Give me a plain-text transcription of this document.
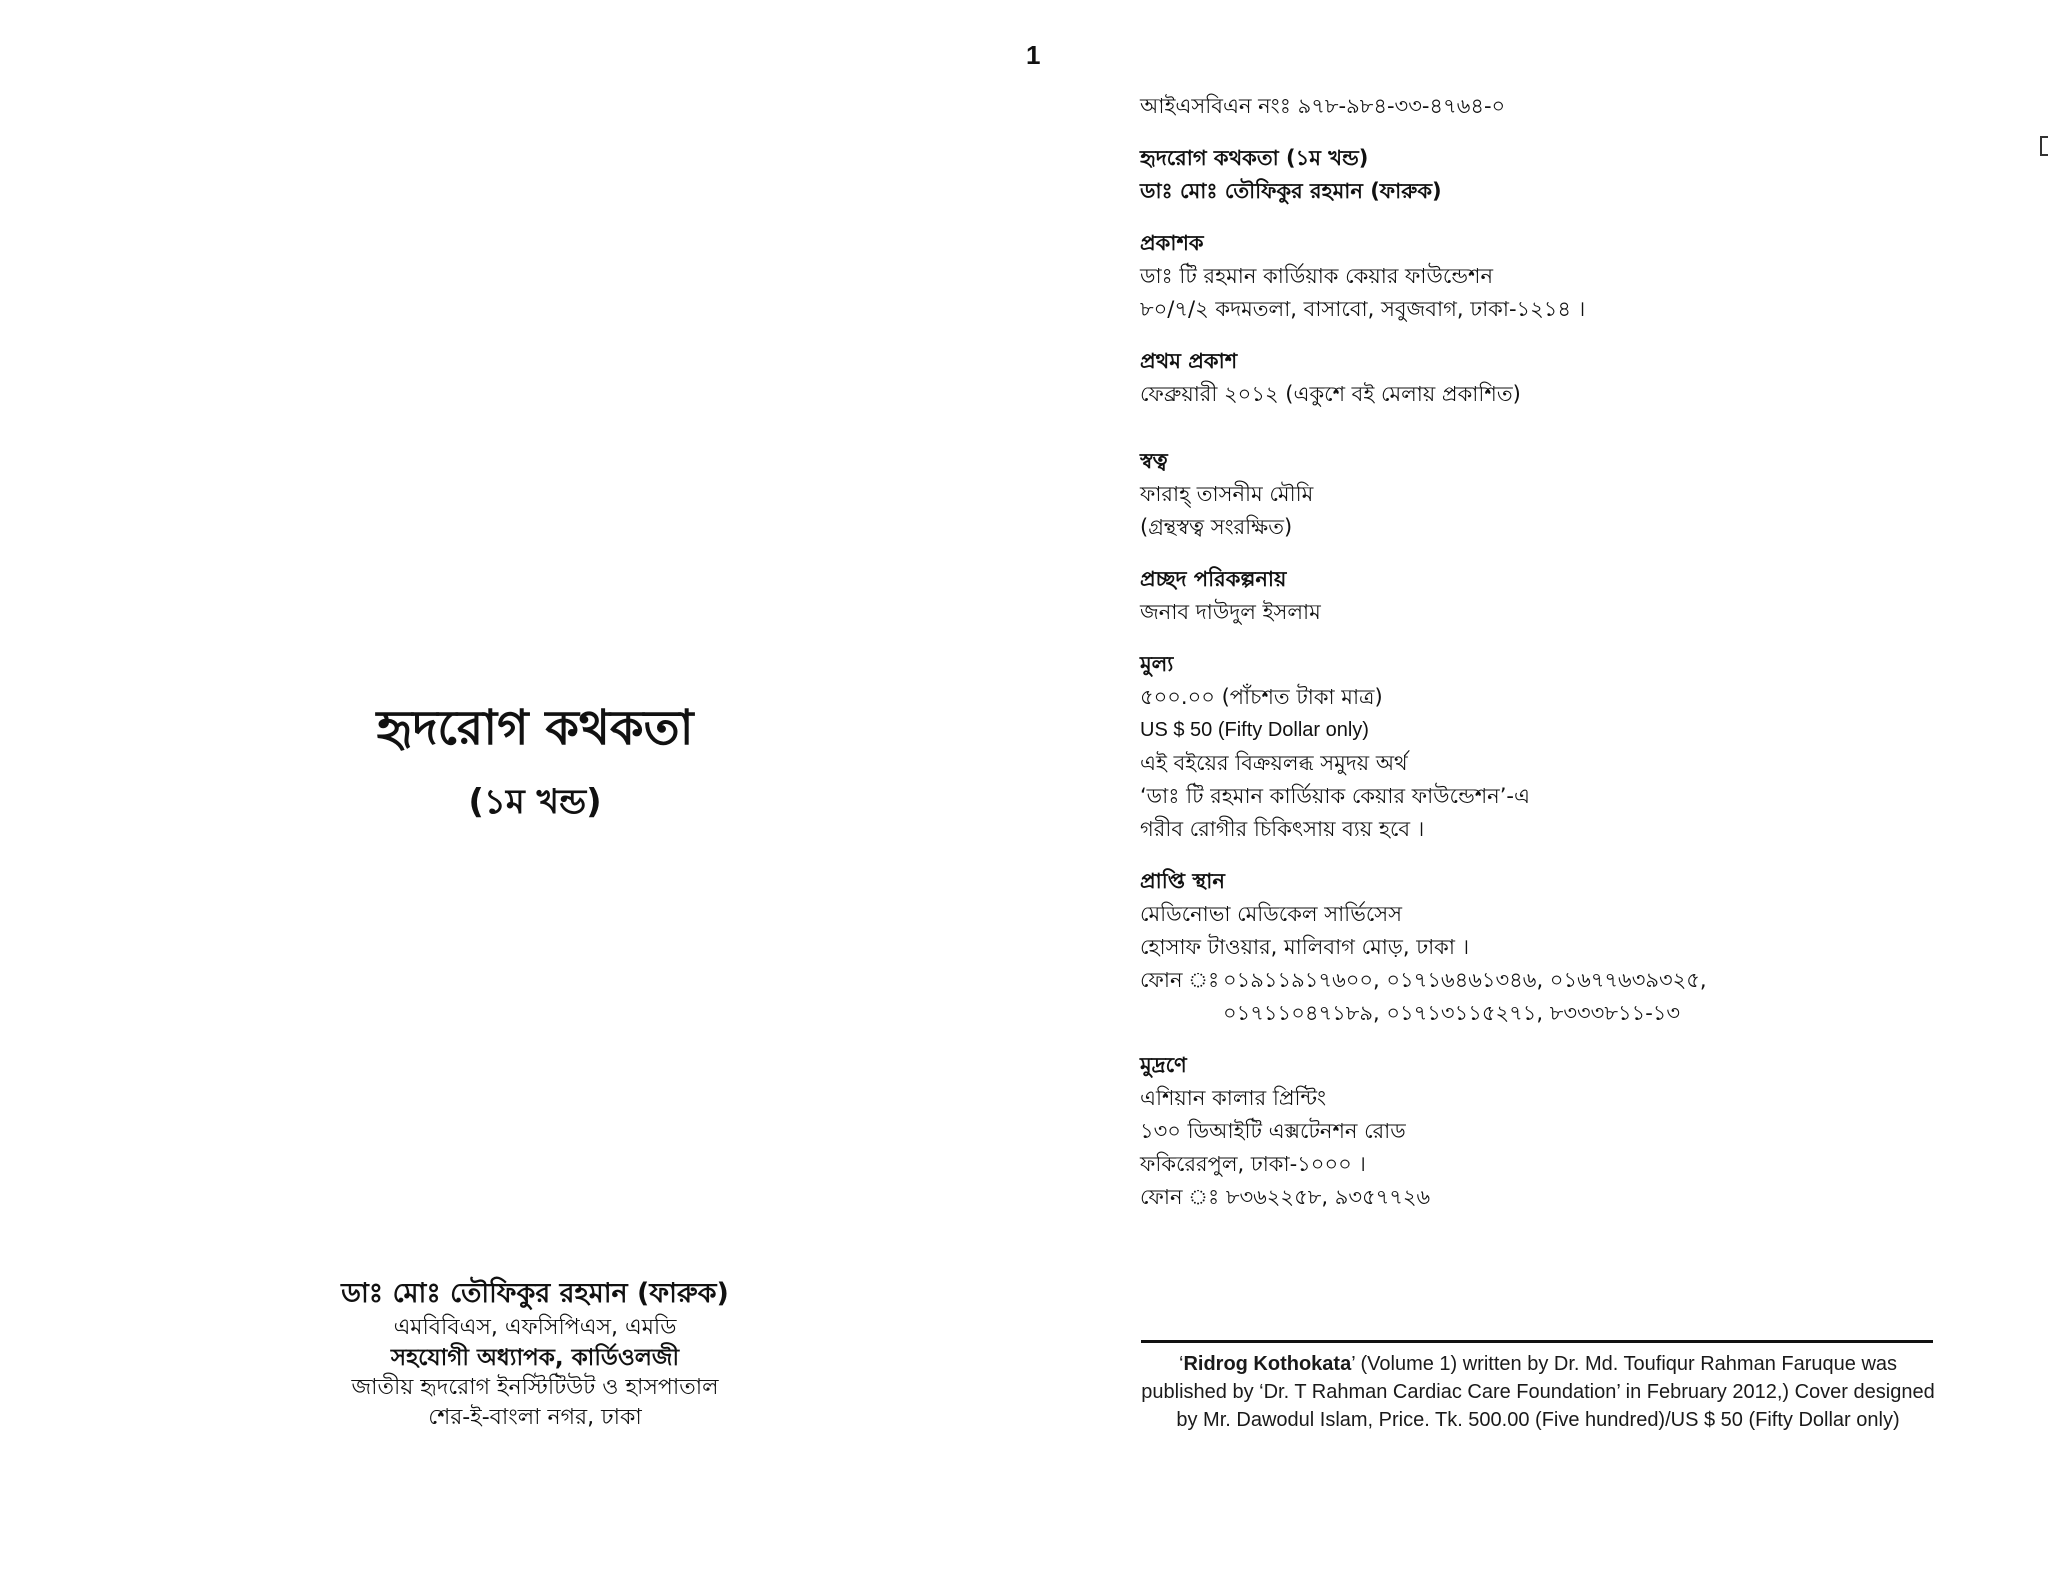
1
হৃদরোগ কথকতা
(১ম খন্ড)
ডাঃ মোঃ তৌফিকুর রহমান (ফারুক)
এমবিবিএস, এফসিপিএস, এমডি
সহযোগী অধ্যাপক, কার্ডিওলজী
জাতীয় হৃদরোগ ইনস্টিটিউট ও হাসপাতাল
শের-ই-বাংলা নগর, ঢাকা
আইএসবিএন নংঃ ৯৭৮-৯৮৪-৩৩-৪৭৬৪-০
হৃদরোগ কথকতা (১ম খন্ড)
ডাঃ মোঃ তৌফিকুর রহমান (ফারুক)
প্রকাশক
ডাঃ টি রহমান কার্ডিয়াক কেয়ার ফাউন্ডেশন
৮০/৭/২ কদমতলা, বাসাবো, সবুজবাগ, ঢাকা-১২১৪ ।
প্রথম প্রকাশ
ফেব্রুয়ারী ২০১২ (একুশে বই মেলায় প্রকাশিত)
স্বত্ব
ফারাহ্ তাসনীম মৌমি
(গ্রন্থস্বত্ব সংরক্ষিত)
প্রচ্ছদ পরিকল্পনায়
জনাব দাউদুল ইসলাম
মুল্য
৫০০.০০ (পাঁচশত টাকা মাত্র)
US $ 50 (Fifty Dollar only)
এই বইয়ের বিক্রয়লব্ধ সমুদয় অর্থ
‘ডাঃ টি রহমান কার্ডিয়াক কেয়ার ফাউন্ডেশন’-এ
গরীব রোগীর চিকিৎসায় ব্যয় হবে ।
প্রাপ্তি স্থান
মেডিনোভা মেডিকেল সার্ভিসেস
হোসাফ টাওয়ার, মালিবাগ মোড়, ঢাকা ।
ফোন ঃ ০১৯১১৯১৭৬০০, ০১৭১৬৪৬১৩৪৬, ০১৬৭৭৬৩৯৩২৫,
০১৭১১০৪৭১৮৯, ০১৭১৩১১৫২৭১, ৮৩৩৩৮১১-১৩
মুদ্রণে
এশিয়ান কালার প্রিন্টিং
১৩০ ডিআইটি এক্সটেনশন রোড
ফকিরেরপুল, ঢাকা-১০০০ ।
ফোন ঃ ৮৩৬২২৫৮, ৯৩৫৭৭২৬
‘Ridrog Kothokata’ (Volume 1) written by Dr. Md. Toufiqur Rahman Faruque was published by ‘Dr. T Rahman Cardiac Care Foundation’ in February 2012,) Cover designed by Mr. Dawodul Islam, Price. Tk. 500.00 (Five hundred)/US $ 50 (Fifty Dollar only)
